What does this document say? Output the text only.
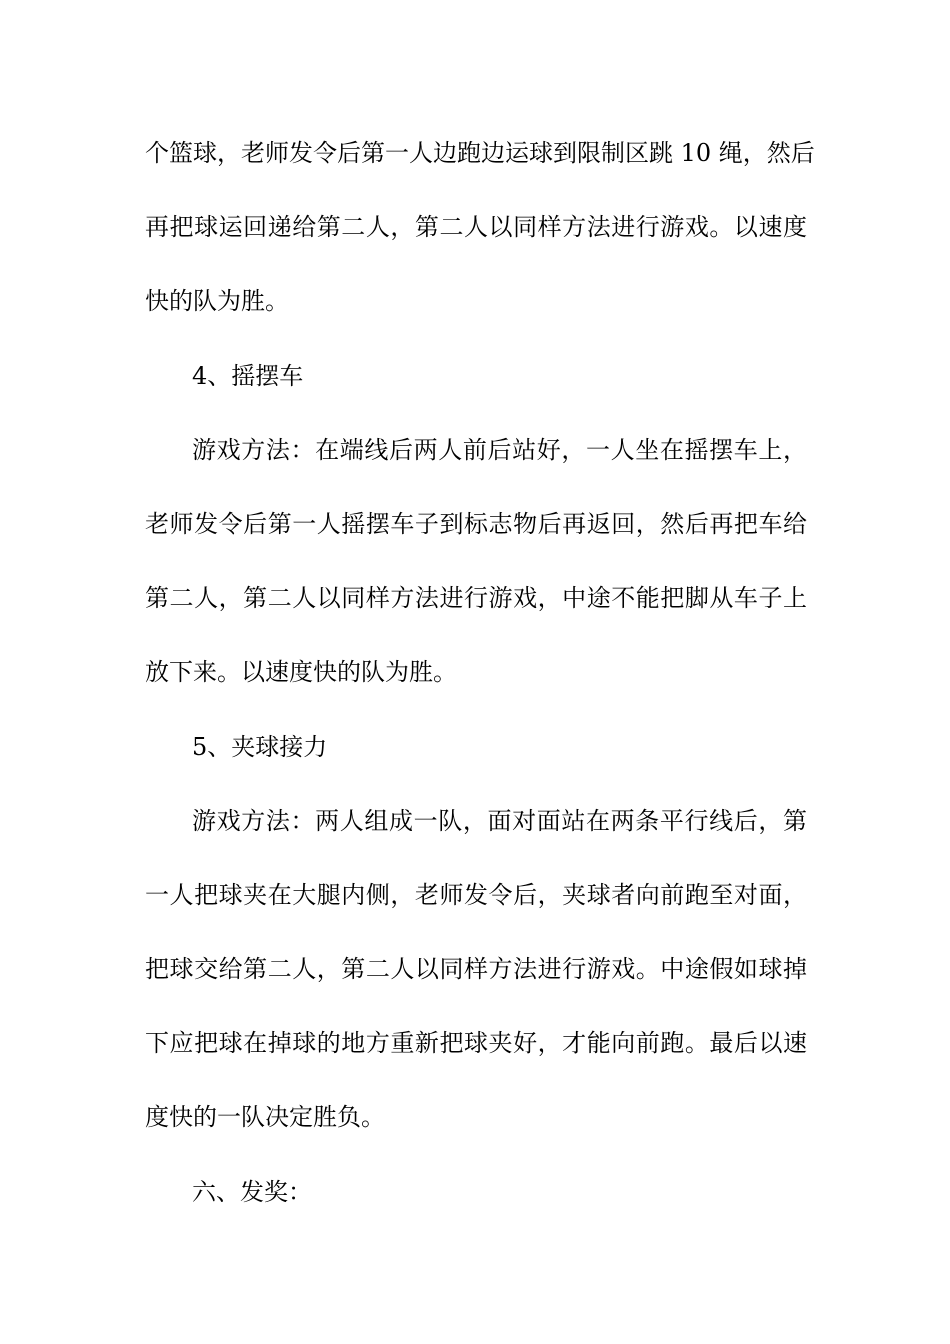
个篮球，老师发令后第一人边跑边运球到限制区跳 10 绳，然后
再把球运回递给第二人，第二人以同样方法进行游戏。以速度
快的队为胜。
4、摇摆车
游戏方法：在端线后两人前后站好，一人坐在摇摆车上，
老师发令后第一人摇摆车子到标志物后再返回，然后再把车给
第二人，第二人以同样方法进行游戏，中途不能把脚从车子上
放下来。以速度快的队为胜。
5、夹球接力
游戏方法：两人组成一队，面对面站在两条平行线后，第
一人把球夹在大腿内侧，老师发令后，夹球者向前跑至对面，
把球交给第二人，第二人以同样方法进行游戏。中途假如球掉
下应把球在掉球的地方重新把球夹好，才能向前跑。最后以速
度快的一队决定胜负。
六、发奖：
